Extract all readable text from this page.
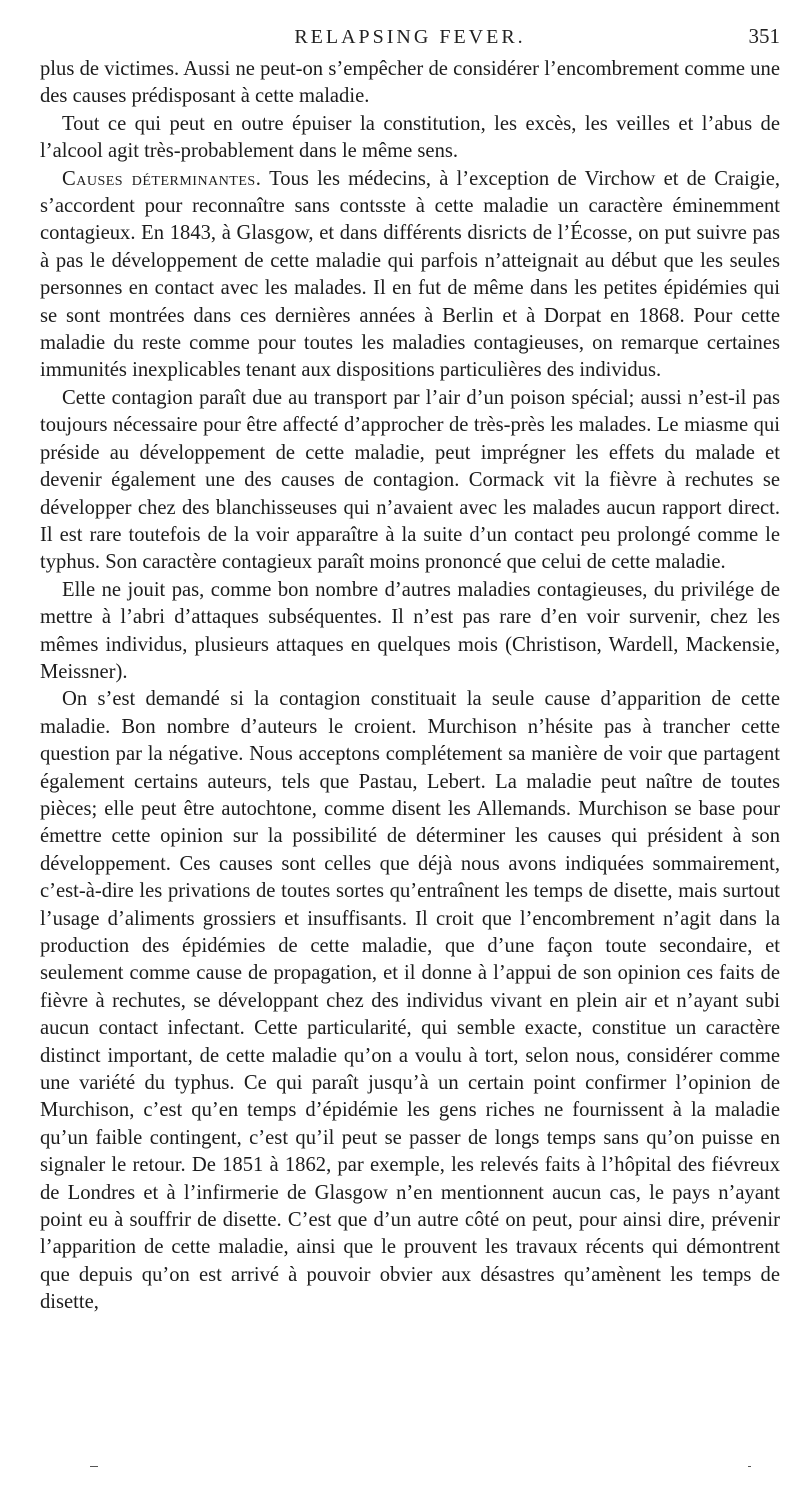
RELAPSING FEVER.	351

plus de victimes. Aussi ne peut-on s’empêcher de considérer l’encombrement comme une des causes prédisposant à cette maladie.

Tout ce qui peut en outre épuiser la constitution, les excès, les veilles et l’abus de l’alcool agit très-probablement dans le même sens.

Causes déterminantes. Tous les médecins, à l’exception de Virchow et de Craigie, s’accordent pour reconnaître sans contsste à cette maladie un caractère éminemment contagieux. En 1843, à Glasgow, et dans différents disricts de l’Écosse, on put suivre pas à pas le développement de cette maladie qui parfois n’atteignait au début que les seules personnes en contact avec les malades. Il en fut de même dans les petites épidémies qui se sont montrées dans ces dernières années à Berlin et à Dorpat en 1868. Pour cette maladie du reste comme pour toutes les maladies contagieuses, on remarque certaines immunités inexplicables tenant aux dispositions particulières des individus.

Cette contagion paraît due au transport par l’air d’un poison spécial; aussi n’est-il pas toujours nécessaire pour être affecté d’approcher de très-près les malades. Le miasme qui préside au développement de cette maladie, peut imprégner les effets du malade et devenir également une des causes de contagion. Cormack vit la fièvre à rechutes se développer chez des blanchisseuses qui n’avaient avec les malades aucun rapport direct. Il est rare toutefois de la voir apparaître à la suite d’un contact peu prolongé comme le typhus. Son caractère contagieux paraît moins prononcé que celui de cette maladie.

Elle ne jouit pas, comme bon nombre d’autres maladies contagieuses, du privilége de mettre à l’abri d’attaques subséquentes. Il n’est pas rare d’en voir survenir, chez les mêmes individus, plusieurs attaques en quelques mois (Christison, Wardell, Mackensie, Meissner).

On s’est demandé si la contagion constituait la seule cause d’apparition de cette maladie. Bon nombre d’auteurs le croient. Murchison n’hésite pas à trancher cette question par la négative. Nous acceptons complétement sa manière de voir que partagent également certains auteurs, tels que Pastau, Lebert. La maladie peut naître de toutes pièces; elle peut être autochtone, comme disent les Allemands. Murchison se base pour émettre cette opinion sur la possibilité de déterminer les causes qui président à son développement. Ces causes sont celles que déjà nous avons indiquées sommairement, c’est-à-dire les privations de toutes sortes qu’entraînent les temps de disette, mais surtout l’usage d’aliments grossiers et insuffisants. Il croit que l’encombrement n’agit dans la production des épidémies de cette maladie, que d’une façon toute secondaire, et seulement comme cause de propagation, et il donne à l’appui de son opinion ces faits de fièvre à rechutes, se développant chez des individus vivant en plein air et n’ayant subi aucun contact infectant. Cette particularité, qui semble exacte, constitue un caractère distinct important, de cette maladie qu’on a voulu à tort, selon nous, considérer comme une variété du typhus. Ce qui paraît jusqu’à un certain point confirmer l’opinion de Murchison, c’est qu’en temps d’épidémie les gens riches ne fournissent à la maladie qu’un faible contingent, c’est qu’il peut se passer de longs temps sans qu’on puisse en signaler le retour. De 1851 à 1862, par exemple, les relevés faits à l’hôpital des fiévreux de Londres et à l’infirmerie de Glasgow n’en mentionnent aucun cas, le pays n’ayant point eu à souffrir de disette. C’est que d’un autre côté on peut, pour ainsi dire, prévenir l’apparition de cette maladie, ainsi que le prouvent les travaux récents qui démontrent que depuis qu’on est arrivé à pouvoir obvier aux désastres qu’amènent les temps de disette,
